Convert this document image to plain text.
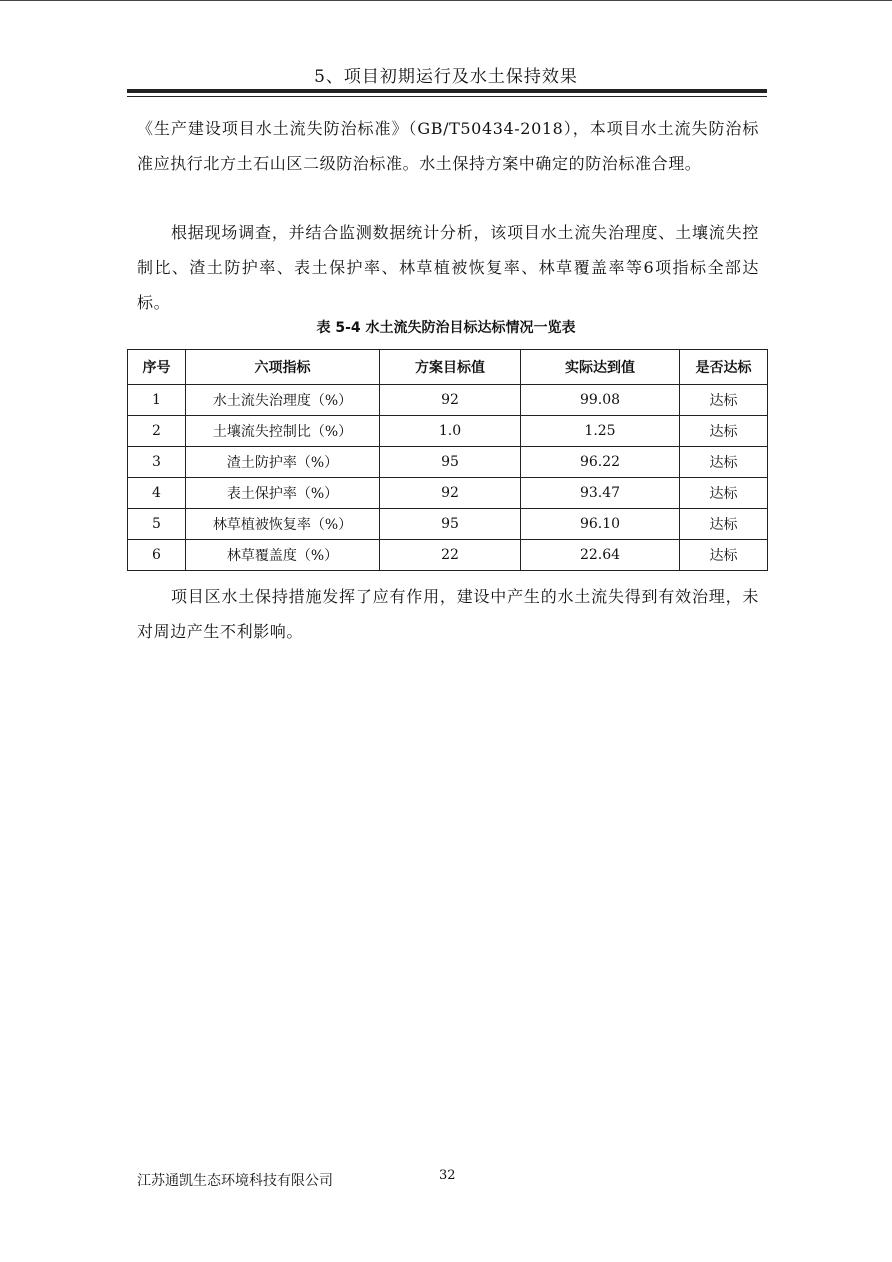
5、项目初期运行及水土保持效果
《生产建设项目水土流失防治标准》（GB/T50434-2018），本项目水土流失防治标准应执行北方土石山区二级防治标准。水土保持方案中确定的防治标准合理。
根据现场调查，并结合监测数据统计分析，该项目水土流失治理度、土壤流失控制比、渣土防护率、表土保护率、林草植被恢复率、林草覆盖率等6项指标全部达标。
表 5-4 水土流失防治目标达标情况一览表
序号	六项指标	方案目标值	实际达到值	是否达标
1	水土流失治理度（%）	92	99.08	达标
2	土壤流失控制比（%）	1.0	1.25	达标
3	渣土防护率（%）	95	96.22	达标
4	表土保护率（%）	92	93.47	达标
5	林草植被恢复率（%）	95	96.10	达标
6	林草覆盖度（%）	22	22.64	达标
项目区水土保持措施发挥了应有作用，建设中产生的水土流失得到有效治理，未对周边产生不利影响。
江苏通凯生态环境科技有限公司	32
